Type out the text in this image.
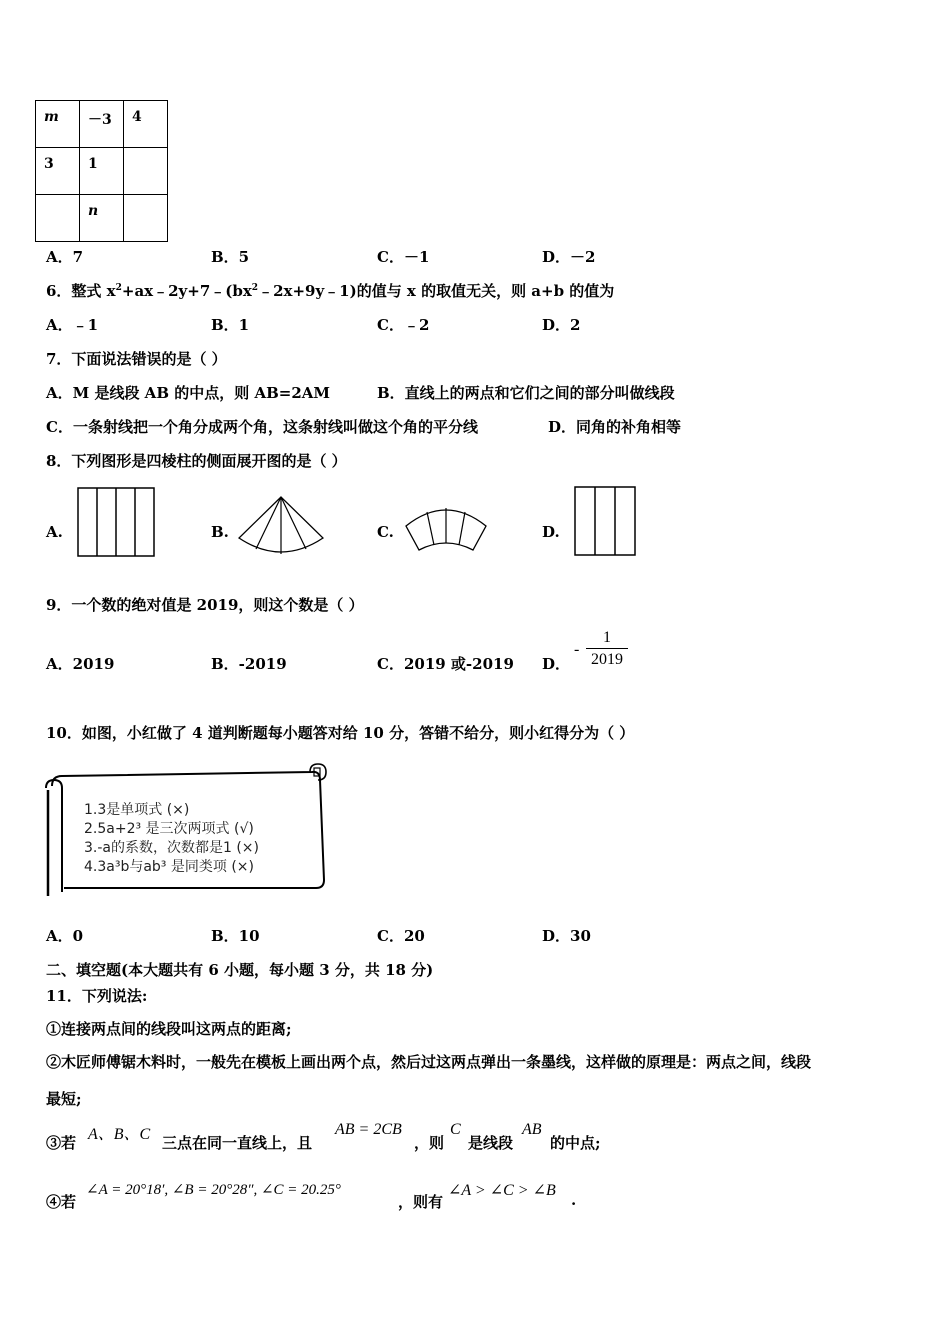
m	－3	4
3	1	
	n	
A．7	B．5	C．－1	D．－2
6．整式 $x^2+ax﹣2y+7﹣(bx^2﹣2x+9y﹣1)$的值与 x 的取值无关，则 a+b 的值为
A．﹣1	B．1	C．﹣2	D．2
7．下面说法错误的是（ ）
A．M 是线段 AB 的中点，则 AB=2AM	B．直线上的两点和它们之间的部分叫做线段
C．一条射线把一个角分成两个角，这条射线叫做这个角的平分线	D．同角的补角相等
8．下列图形是四棱柱的侧面展开图的是（ ）
A.	B.	C.	D.
9．一个数的绝对值是 2019，则这个数是（ ）
A．2019	B．-2019	C．2019 或-2019 D．
-
1
2019
10．如图，小红做了 4 道判断题每小题答对给 10 分，答错不给分，则小红得分为（ ）
1.3是单项式 (×)
2.5a+2³ 是三次两项式 (√)
3.-a的系数，次数都是1 (×)
4.3a³b与ab³ 是同类项 (×)
A．0	B．10	C．20	D．30
二、填空题(本大题共有 6 小题，每小题 3 分，共 18 分)
11．下列说法:
①连接两点间的线段叫这两点的距离;
②木匠师傅锯木料时，一般先在模板上画出两个点，然后过这两点弹出一条墨线，这样做的原理是：两点之间，线段
最短;
③若 A、B、C 三点在同一直线上，且
AB = 2CB
，则
C
是线段
AB
的中点;
④若
∠A = 20°18′, ∠B = 20°28″, ∠C = 20.25°
，则有
∠A > ∠C > ∠B
.
